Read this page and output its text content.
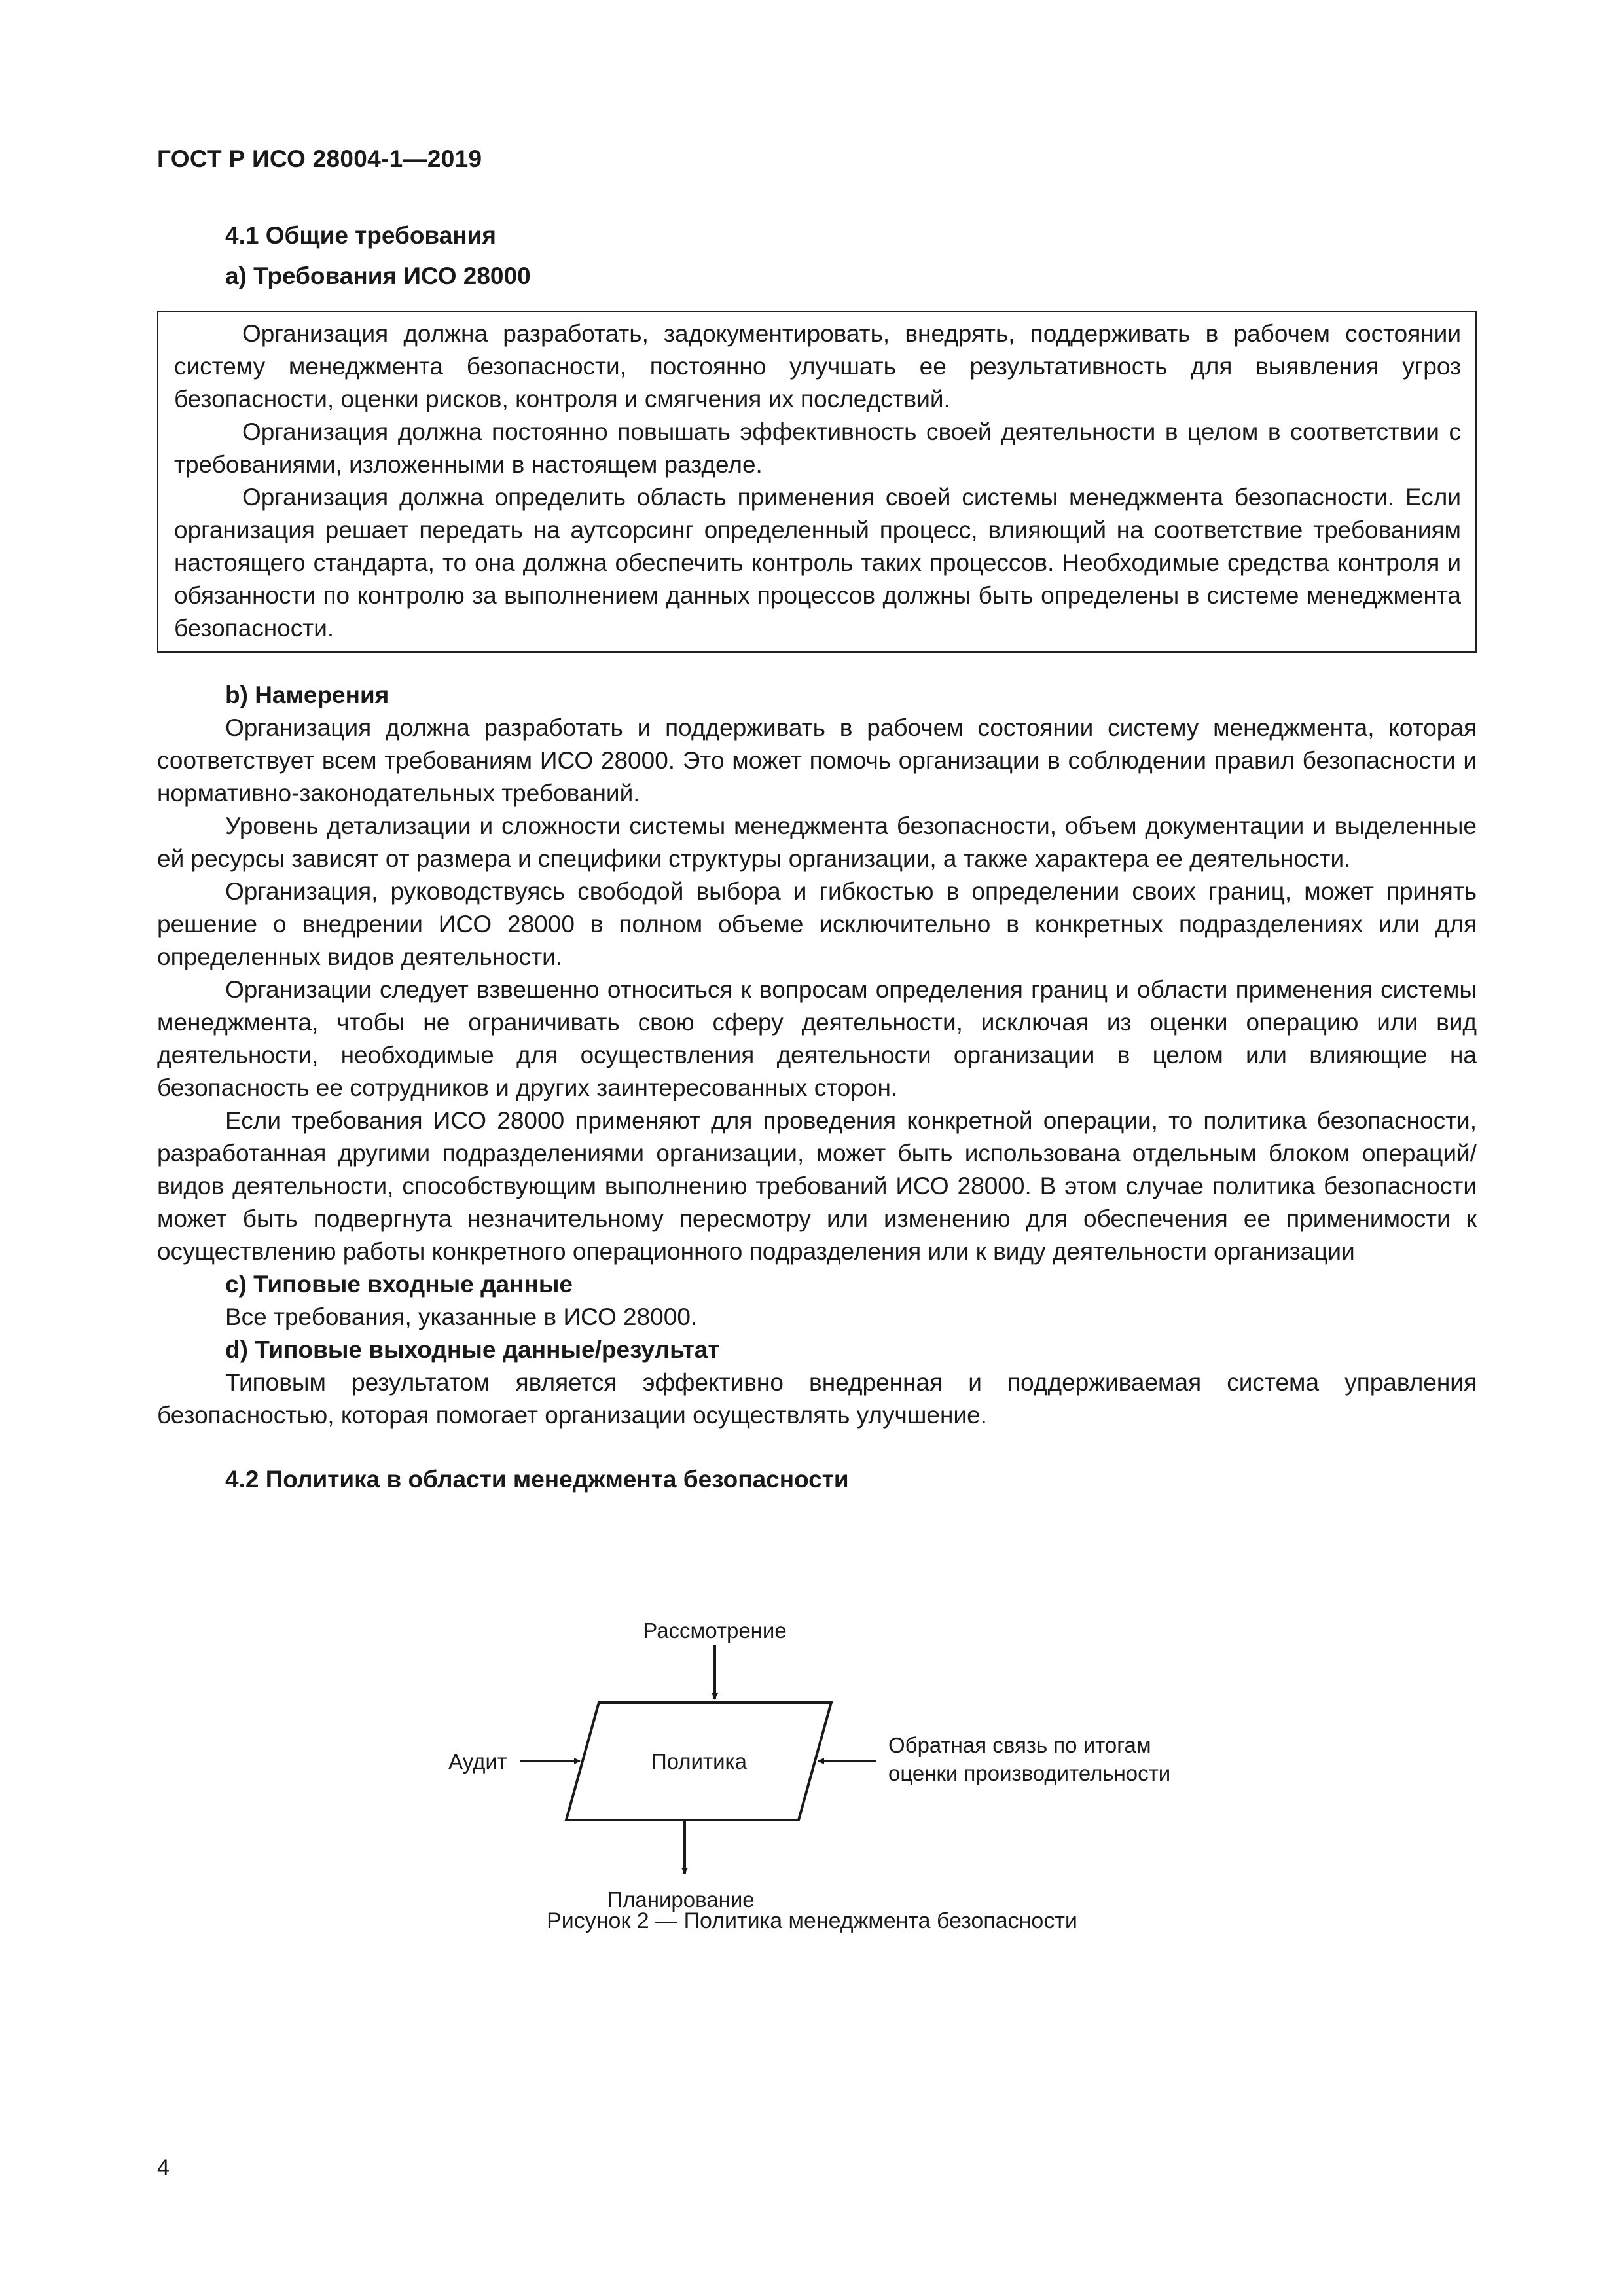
ГОСТ Р ИСО 28004-1—2019
4.1 Общие требования
a) Требования ИСО 28000

Организация должна разработать, задокументировать, внедрять, поддерживать в рабочем состоянии систему менеджмента безопасности, постоянно улучшать ее результативность для выявления угроз безопасности, оценки рисков, контроля и смягчения их последствий.

Организация должна постоянно повышать эффективность своей деятельности в целом в соответствии с требованиями, изложенными в настоящем разделе.

Организация должна определить область применения своей системы менеджмента безопасности. Если организация решает передать на аутсорсинг определенный процесс, влияющий на соответствие требованиям настоящего стандарта, то она должна обеспечить контроль таких процессов. Необходимые средства контроля и обязанности по контролю за выполнением данных процессов должны быть определены в системе менеджмента безопасности.

b) Намерения

Организация должна разработать и поддерживать в рабочем состоянии систему менеджмента, которая соответствует всем требованиям ИСО 28000. Это может помочь организации в соблюдении правил безопасности и нормативно-законодательных требований.

Уровень детализации и сложности системы менеджмента безопасности, объем документации и выделенные ей ресурсы зависят от размера и специфики структуры организации, а также характера ее деятельности.

Организация, руководствуясь свободой выбора и гибкостью в определении своих границ, может принять решение о внедрении ИСО 28000 в полном объеме исключительно в конкретных подразделениях или для определенных видов деятельности.

Организации следует взвешенно относиться к вопросам определения границ и области применения системы менеджмента, чтобы не ограничивать свою сферу деятельности, исключая из оценки операцию или вид деятельности, необходимые для осуществления деятельности организации в целом или влияющие на безопасность ее сотрудников и других заинтересованных сторон.

Если требования ИСО 28000 применяют для проведения конкретной операции, то политика безопасности, разработанная другими подразделениями организации, может быть использована отдельным блоком операций/видов деятельности, способствующим выполнению требований ИСО 28000. В этом случае политика безопасности может быть подвергнута незначительному пересмотру или изменению для обеспечения ее применимости к осуществлению работы конкретного операционного подразделения или к виду деятельности организации

c) Типовые входные данные

Все требования, указанные в ИСО 28000.

d) Типовые выходные данные/результат

Типовым результатом является эффективно внедренная и поддерживаемая система управления безопасностью, которая помогает организации осуществлять улучшение.

4.2 Политика в области менеджмента безопасности
Рассмотрение
Аудит	Политика
Обратная связь по итогам
оценки производительности
Планирование
Рисунок 2 — Политика менеджмента безопасности
4
